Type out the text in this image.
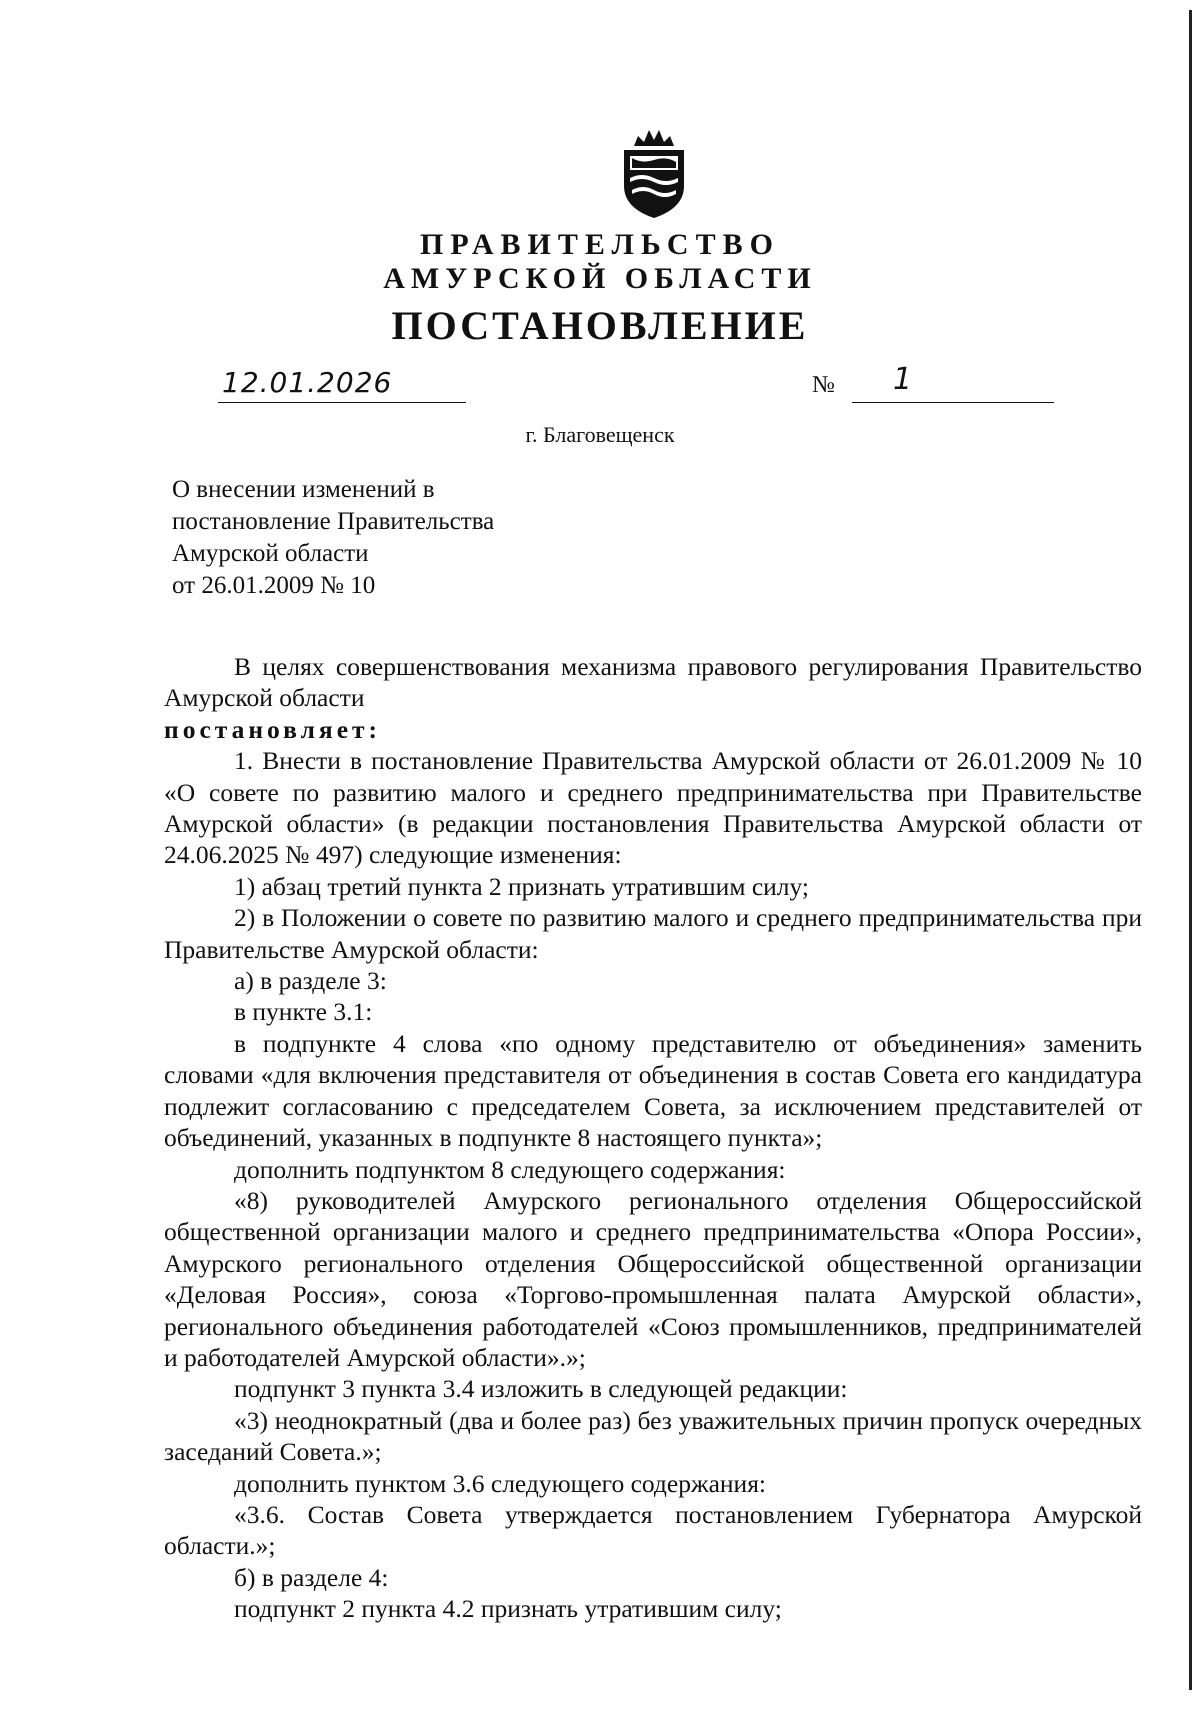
ПРАВИТЕЛЬСТВО
АМУРСКОЙ ОБЛАСТИ
ПОСТАНОВЛЕНИЕ
12.01.2026	№ 1
г. Благовещенск
О внесении изменений в
постановление Правительства
Амурской области
от 26.01.2009 № 10

В целях совершенствования механизма правового регулирования Правительство Амурской области

постановляет:

1. Внести в постановление Правительства Амурской области от 26.01.2009 № 10 «О совете по развитию малого и среднего предпринимательства при Правительстве Амурской области» (в редакции постановления Правительства Амурской области от 24.06.2025 № 497) следующие изменения:

1) абзац третий пункта 2 признать утратившим силу;

2) в Положении о совете по развитию малого и среднего предпринимательства при Правительстве Амурской области:

а) в разделе 3:

в пункте 3.1:

в подпункте 4 слова «по одному представителю от объединения» заменить словами «для включения представителя от объединения в состав Совета его кандидатура подлежит согласованию с председателем Совета, за исключением представителей от объединений, указанных в подпункте 8 настоящего пункта»;

дополнить подпунктом 8 следующего содержания:

«8) руководителей Амурского регионального отделения Общероссийской общественной организации малого и среднего предпринимательства «Опора России», Амурского регионального отделения Общероссийской общественной организации «Деловая Россия», союза «Торгово-промышленная палата Амурской области», регионального объединения работодателей «Союз промышленников, предпринимателей и работодателей Амурской области».»;

подпункт 3 пункта 3.4 изложить в следующей редакции:

«3) неоднократный (два и более раз) без уважительных причин пропуск очередных заседаний Совета.»;

дополнить пунктом 3.6 следующего содержания:

«3.6. Состав Совета утверждается постановлением Губернатора Амурской области.»;

б) в разделе 4:

подпункт 2 пункта 4.2 признать утратившим силу;
